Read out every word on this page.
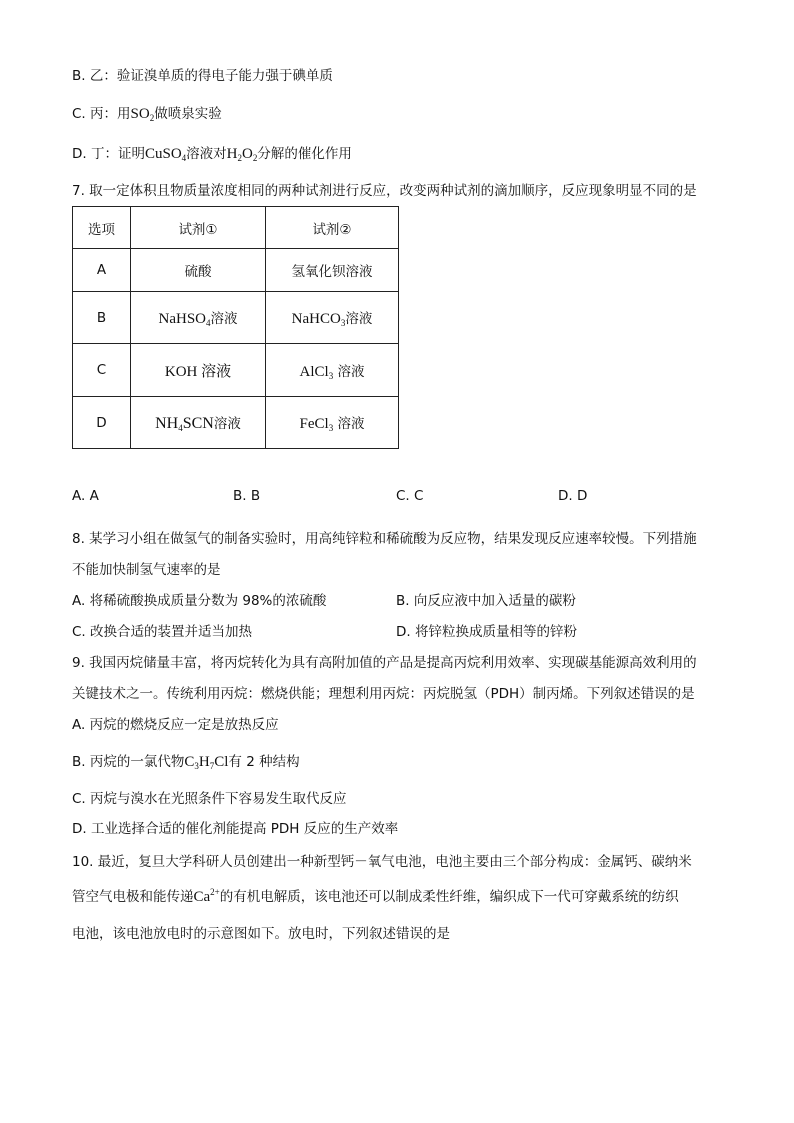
B. 乙：验证溴单质的得电子能力强于碘单质
C. 丙：用$SO_2$做喷泉实验
D. 丁：证明CuSO$_4$溶液对$H_2O_2$分解的催化作用
7. 取一定体积且物质量浓度相同的两种试剂进行反应，改变两种试剂的滴加顺序，反应现象明显不同的是
选项	试剂①	试剂②
A	硫酸	氢氧化钡溶液
B	NaHSO$_4$溶液	NaHCO$_3$溶液
C	KOH 溶液	AlCl$_3$ 溶液
D	$NH_4SCN$溶液	FeCl$_3$ 溶液
A. A	B. B	C. C	D. D
8. 某学习小组在做氢气的制备实验时，用高纯锌粒和稀硫酸为反应物，结果发现反应速率较慢。下列措施
不能加快制氢气速率的是
A. 将稀硫酸换成质量分数为 98%的浓硫酸	B. 向反应液中加入适量的碳粉
C. 改换合适的装置并适当加热	D. 将锌粒换成质量相等的锌粉
9. 我国丙烷储量丰富，将丙烷转化为具有高附加值的产品是提高丙烷利用效率、实现碳基能源高效利用的
关键技术之一。传统利用丙烷：燃烧供能；理想利用丙烷：丙烷脱氢（PDH）制丙烯。下列叙述错误的是
A. 丙烷的燃烧反应一定是放热反应
B. 丙烷的一氯代物$C_3H_7Cl$有 2 种结构
C. 丙烷与溴水在光照条件下容易发生取代反应
D. 工业选择合适的催化剂能提高 PDH 反应的生产效率
10. 最近，复旦大学科研人员创建出一种新型钙－氧气电池，电池主要由三个部分构成：金属钙、碳纳米
管空气电极和能传递$Ca^{2+}$的有机电解质，该电池还可以制成柔性纤维，编织成下一代可穿戴系统的纺织
电池，该电池放电时的示意图如下。放电时，下列叙述错误的是
